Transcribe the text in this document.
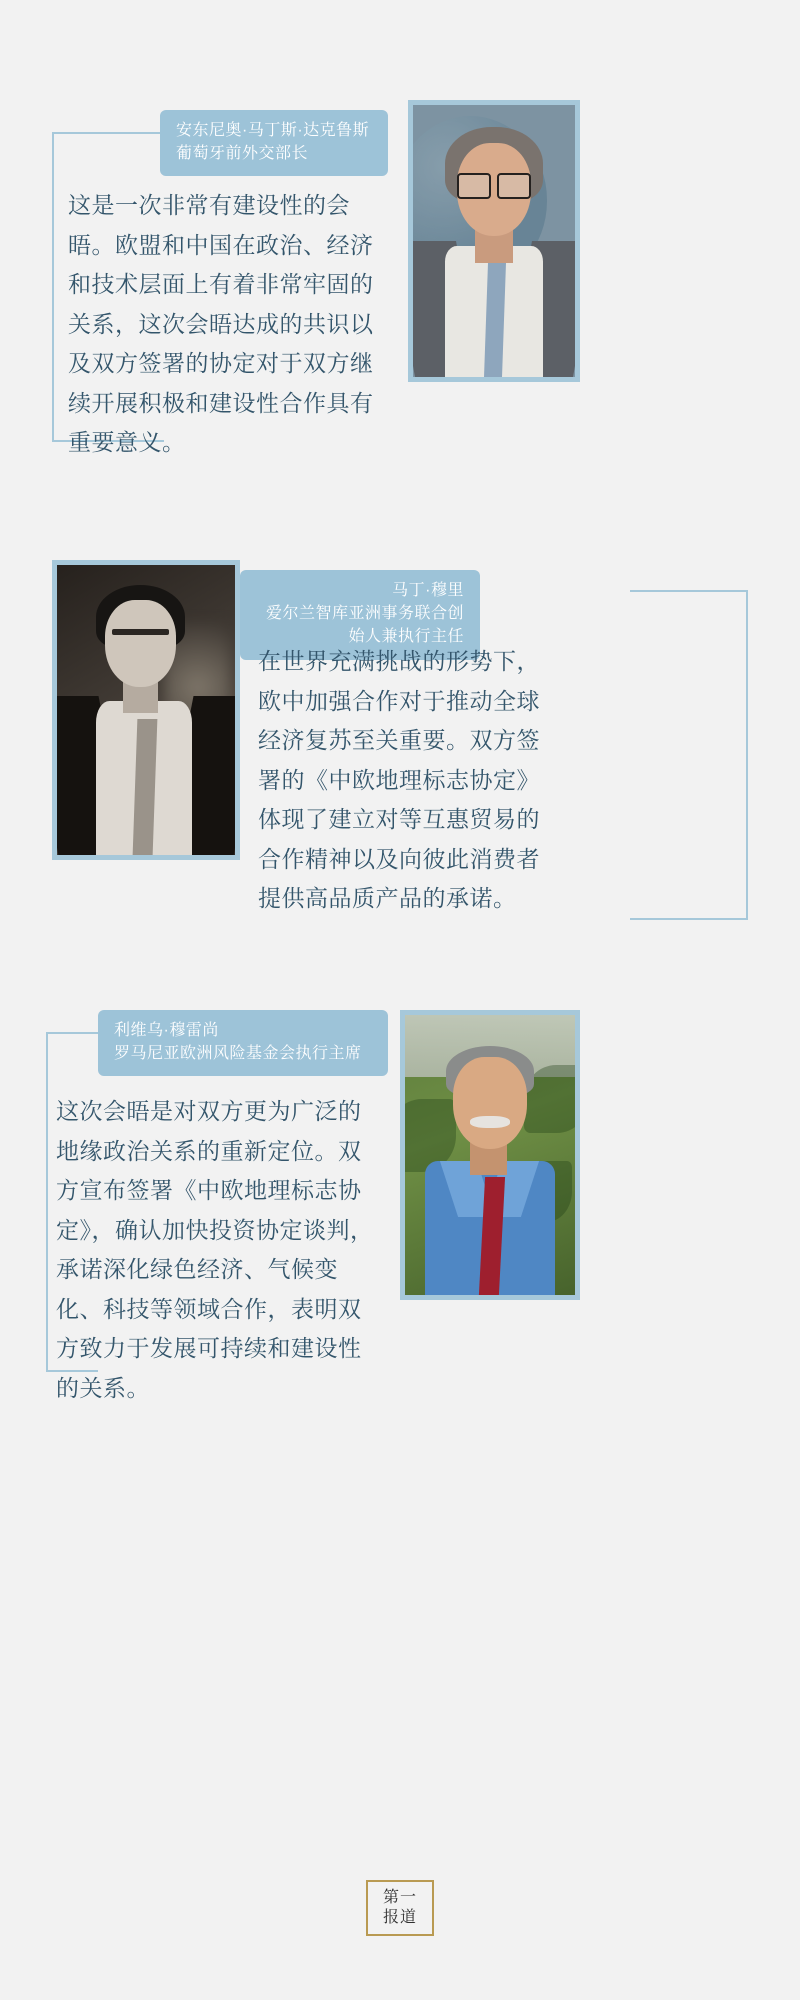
安东尼奥·马丁斯·达克鲁斯
葡萄牙前外交部长
这是一次非常有建设性的会晤。欧盟和中国在政治、经济和技术层面上有着非常牢固的关系，这次会晤达成的共识以及双方签署的协定对于双方继续开展积极和建设性合作具有重要意义。
马丁·穆里
爱尔兰智库亚洲事务联合创始人兼执行主任
在世界充满挑战的形势下，欧中加强合作对于推动全球经济复苏至关重要。双方签署的《中欧地理标志协定》体现了建立对等互惠贸易的合作精神以及向彼此消费者提供高品质产品的承诺。
利维乌·穆雷尚
罗马尼亚欧洲风险基金会执行主席
这次会晤是对双方更为广泛的地缘政治关系的重新定位。双方宣布签署《中欧地理标志协定》，确认加快投资协定谈判，承诺深化绿色经济、气候变化、科技等领域合作，表明双方致力于发展可持续和建设性的关系。
第一
报道
